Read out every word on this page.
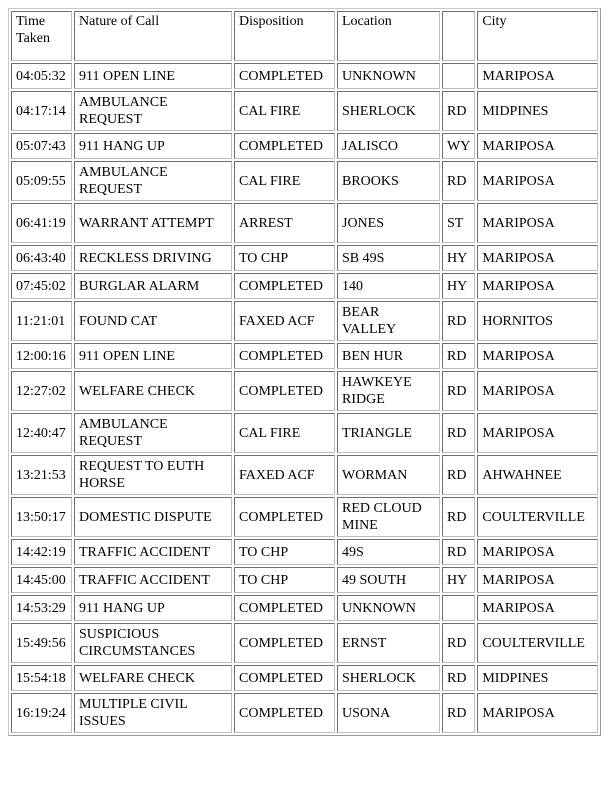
Time Taken	Nature of Call	Disposition	Location		City
04:05:32	911 OPEN LINE	COMPLETED	UNKNOWN		MARIPOSA
04:17:14	AMBULANCE REQUEST	CAL FIRE	SHERLOCK	RD	MIDPINES
05:07:43	911 HANG UP	COMPLETED	JALISCO	WY	MARIPOSA
05:09:55	AMBULANCE REQUEST	CAL FIRE	BROOKS	RD	MARIPOSA
06:41:19	WARRANT ATTEMPT	ARREST	JONES	ST	MARIPOSA
06:43:40	RECKLESS DRIVING	TO CHP	SB 49S	HY	MARIPOSA
07:45:02	BURGLAR ALARM	COMPLETED	140	HY	MARIPOSA
11:21:01	FOUND CAT	FAXED ACF	BEAR VALLEY	RD	HORNITOS
12:00:16	911 OPEN LINE	COMPLETED	BEN HUR	RD	MARIPOSA
12:27:02	WELFARE CHECK	COMPLETED	HAWKEYE RIDGE	RD	MARIPOSA
12:40:47	AMBULANCE REQUEST	CAL FIRE	TRIANGLE	RD	MARIPOSA
13:21:53	REQUEST TO EUTH HORSE	FAXED ACF	WORMAN	RD	AHWAHNEE
13:50:17	DOMESTIC DISPUTE	COMPLETED	RED CLOUD MINE	RD	COULTERVILLE
14:42:19	TRAFFIC ACCIDENT	TO CHP	49S	RD	MARIPOSA
14:45:00	TRAFFIC ACCIDENT	TO CHP	49 SOUTH	HY	MARIPOSA
14:53:29	911 HANG UP	COMPLETED	UNKNOWN		MARIPOSA
15:49:56	SUSPICIOUS CIRCUMSTANCES	COMPLETED	ERNST	RD	COULTERVILLE
15:54:18	WELFARE CHECK	COMPLETED	SHERLOCK	RD	MIDPINES
16:19:24	MULTIPLE CIVIL ISSUES	COMPLETED	USONA	RD	MARIPOSA
